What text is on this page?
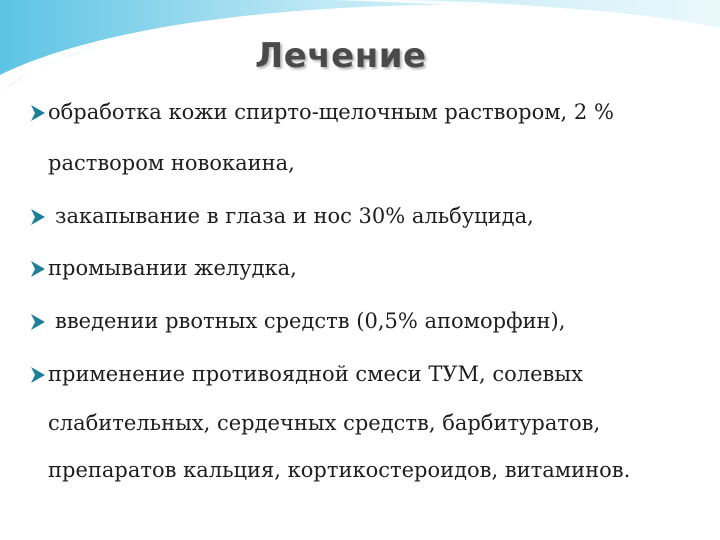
Лечение
обработка кожи спирто-щелочным раствором, 2 %
раствором новокаина,
закапывание в глаза и нос 30% альбуцида,
промывании желудка,
введении рвотных средств (0,5% апоморфин),
применение противоядной смеси ТУМ, солевых
слабительных, сердечных средств, барбитуратов,
препаратов кальция, кортикостероидов, витаминов.
